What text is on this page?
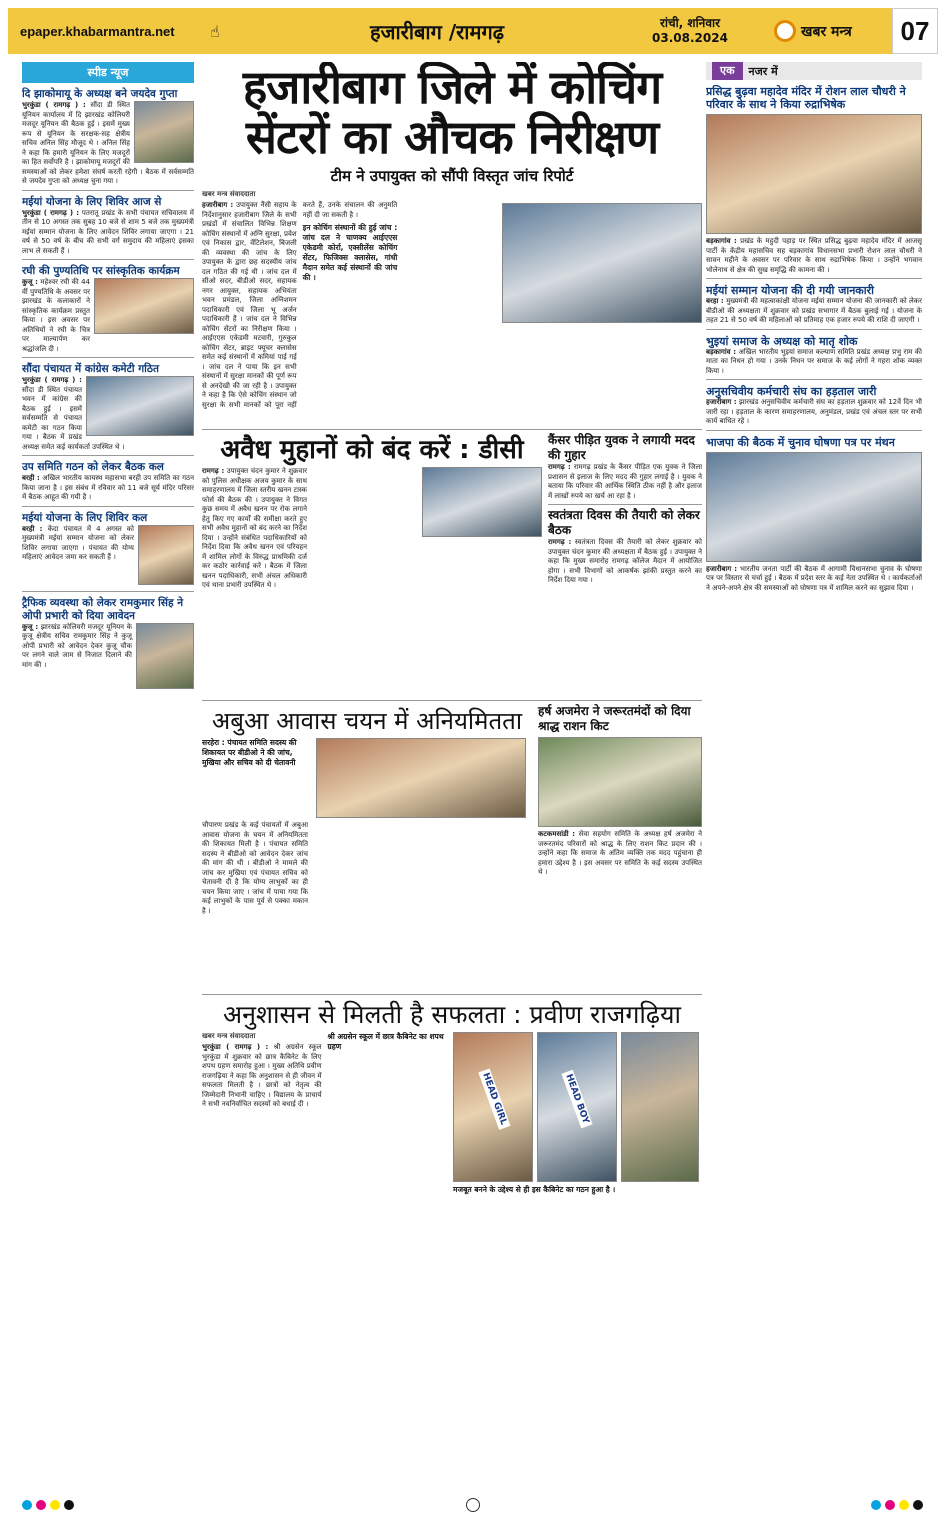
epaper.khabarmantra.net	☝	हजारीबाग /रामगढ़	रांची, शनिवार
03.08.2024	खबर मन्त्र	07
स्पीड न्यूज
दि झाकोमायू के अध्यक्ष बने जयदेव गुप्ता
भुरकुंडा ( रामगढ़ ) : सौंदा डी स्थित यूनियन कार्यालय में दि झारखंड कोलियरी मजदूर यूनियन की बैठक हुई । इसमें मुख्य रूप से यूनियन के सरक्षक-सह क्षेत्रीय सचिव अनिल सिंह मौजूद थे । अनिल सिंह ने कहा कि हमारी यूनियन के लिए मजदूरों का हित सर्वोपरि है । झाकोमायू मजदूरों की समस्याओं को लेकर हमेशा संघर्ष करती रहेगी । बैठक में सर्वसम्मति से जयदेव गुप्ता को अध्यक्ष चुना गया ।
मईयां योजना के लिए शिविर आज से
भुरकुंडा ( रामगढ़ ) : पतरातू प्रखंड के सभी पंचायत सचिवालय में तीन से 10 अगस्त तक सुबह 10 बजे से शाम 5 बजे तक मुख्यमंत्री मईयां सम्मान योजना के लिए आवेदन शिविर लगाया जाएगा । 21 वर्ष से 50 वर्ष के बीच की सभी वर्ग समुदाय की महिलाएं इसका लाभ ले सकती हैं ।
रघी की पुण्यतिथि पर सांस्कृतिक कार्यक्रम
कुजू : महेश्वर रघी की 44 वीं पुण्यतिथि के अवसर पर झारखंड के कलाकारों ने सांस्कृतिक कार्यक्रम प्रस्तुत किया । इस अवसर पर अतिथियों ने रघी के चित्र पर माल्यार्पण कर श्रद्धांजलि दी ।
सौंदा पंचायत में कांग्रेस कमेटी गठित
भुरकुंडा ( रामगढ़ ) : सौंदा डी स्थित पंचायत भवन में कांग्रेस की बैठक हुई । इसमें सर्वसम्मति से पंचायत कमेटी का गठन किया गया । बैठक में प्रखंड अध्यक्ष समेत कई कार्यकर्ता उपस्थित थे ।
उप समिति गठन को लेकर बैठक कल
बरही : अखिल भारतीय कायस्थ महासभा बरही उप समिति का गठन किया जाना है । इस संबंध में रविवार को 11 बजे सूर्य मंदिर परिसर में बैठक आहूत की गयी है ।
मईयां योजना के लिए शिविर कल
बरही : केंदा पंचायत में 4 अगस्त को मुख्यमंत्री मईयां सम्मान योजना को लेकर शिविर लगाया जाएगा । पंचायत की योग्य महिलाएं आवेदन जमा कर सकती हैं ।
ट्रैफिक व्यवस्था को लेकर रामकुमार सिंह ने ओपी प्रभारी को दिया आवेदन
कुजू : झारखंड कोलियरी मजदूर यूनियन के कुजू क्षेत्रीय सचिव रामकुमार सिंह ने कुजू ओपी प्रभारी को आवेदन देकर कुजू चौक पर लगने वाले जाम से निजात दिलाने की मांग की ।
हजारीबाग जिले में कोचिंग सेंटरों का औचक निरीक्षण
टीम ने उपायुक्त को सौंपी विस्तृत जांच रिपोर्ट
खबर मन्त्र संवाददाता
हजारीबाग : उपायुक्त नैंसी सहाय के निर्देशानुसार हजारीबाग जिले के सभी प्रखंडों में संचालित विभिन्न शिक्षण कोचिंग संस्थानों में अग्नि सुरक्षा, प्रवेश एवं निकास द्वार, वेंटिलेशन, बिजली की व्यवस्था की जांच के लिए उपायुक्त के द्वारा छह सदस्यीय जांच दल गठित की गई थी । जांच दल में सीओ सदर, बीडीओ सदर, सहायक नगर आयुक्त, सहायक अभियंता भवन प्रमंडल, जिला अग्निशमन पदाधिकारी एवं जिला भू अर्जन पदाधिकारी हैं । जांच दल ने विभिन्न कोचिंग सेंटरों का निरीक्षण किया । आईएएस एकेडमी मटवारी, गुरुकुल कोचिंग सेंटर, ब्राइट फ्यूचर क्लासेस समेत कई संस्थानों में कमियां पाई गई । जांच दल ने पाया कि इन सभी संस्थानों में सुरक्षा मानकों की पूर्ण रूप से अनदेखी की जा रही है । उपायुक्त ने कहा है कि ऐसे कोचिंग संस्थान जो सुरक्षा के सभी मानकों को पूरा नहीं करते हैं, उनके संचालन की अनुमति नहीं दी जा सकती है ।
इन कोचिंग संस्थानों की हुई जांच : जांच दल ने चाणक्य आईएएस एकेडमी कोर्रा, एक्सीलेंस कोचिंग सेंटर, फिजिक्स क्लासेस, गांधी मैदान समेत कई संस्थानों की जांच की ।
अवैध मुहानों को बंद करें : डीसी
रामगढ़ : उपायुक्त चंदन कुमार ने शुक्रवार को पुलिस अधीक्षक अजय कुमार के साथ समाहरणालय में जिला स्तरीय खनन टास्क फोर्स की बैठक की । उपायुक्त ने विगत कुछ समय में अवैध खनन पर रोक लगाने हेतु किए गए कार्यों की समीक्षा करते हुए सभी अवैध मुहानों को बंद करने का निर्देश दिया । उन्होंने संबंधित पदाधिकारियों को निर्देश दिया कि अवैध खनन एवं परिवहन में शामिल लोगों के विरुद्ध प्राथमिकी दर्ज कर कठोर कार्रवाई करें । बैठक में जिला खनन पदाधिकारी, सभी अंचल अधिकारी एवं थाना प्रभारी उपस्थित थे ।
कैंसर पीड़ित युवक ने लगायी मदद की गुहार
रामगढ़ : रामगढ़ प्रखंड के कैंसर पीड़ित एक युवक ने जिला प्रशासन से इलाज के लिए मदद की गुहार लगाई है । युवक ने बताया कि परिवार की आर्थिक स्थिति ठीक नहीं है और इलाज में लाखों रुपये का खर्च आ रहा है ।
स्वतंत्रता दिवस की तैयारी को लेकर बैठक
रामगढ़ : स्वतंत्रता दिवस की तैयारी को लेकर शुक्रवार को उपायुक्त चंदन कुमार की अध्यक्षता में बैठक हुई । उपायुक्त ने कहा कि मुख्य समारोह रामगढ़ कॉलेज मैदान में आयोजित होगा । सभी विभागों को आकर्षक झांकी प्रस्तुत करने का निर्देश दिया गया ।
अबुआ आवास चयन में अनियमितता
सरहेरा : पंचायत समिति सदस्य की शिकायत पर बीडीओ ने की जांच, मुखिया और सचिव को दी चेतावनी
चौपारण प्रखंड के कई पंचायतों में अबुआ आवास योजना के चयन में अनियमितता की शिकायत मिली है । पंचायत समिति सदस्य ने बीडीओ को आवेदन देकर जांच की मांग की थी । बीडीओ ने मामले की जांच कर मुखिया एवं पंचायत सचिव को चेतावनी दी है कि योग्य लाभुकों का ही चयन किया जाए । जांच में पाया गया कि कई लाभुकों के पास पूर्व से पक्का मकान है ।
हर्ष अजमेरा ने जरूरतमंदों को दिया श्राद्ध राशन किट
कटकमसांडी : सेवा सहयोग समिति के अध्यक्ष हर्ष अजमेरा ने जरूरतमंद परिवारों को श्राद्ध के लिए राशन किट प्रदान की । उन्होंने कहा कि समाज के अंतिम व्यक्ति तक मदद पहुंचाना ही हमारा उद्देश्य है । इस अवसर पर समिति के कई सदस्य उपस्थित थे ।
अनुशासन से मिलती है सफलता : प्रवीण राजगढ़िया
खबर मन्त्र संवाददाता
भुरकुंडा ( रामगढ़ ) : श्री अग्रसेन स्कूल भुरकुंडा में शुक्रवार को छात्र कैबिनेट के लिए शपथ ग्रहण समारोह हुआ । मुख्य अतिथि प्रवीण राजगढ़िया ने कहा कि अनुशासन से ही जीवन में सफलता मिलती है । छात्रों को नेतृत्व की जिम्मेदारी निभानी चाहिए । विद्यालय के प्राचार्य ने सभी नवनिर्वाचित सदस्यों को बधाई दी ।
श्री अग्रसेन स्कूल में छात्र कैबिनेट का शपथ ग्रहण
HEAD GIRL	HEAD BOY
मजबूत बनने के उद्देश्य से ही इस कैबिनेट का गठन हुआ है ।
एक	नजर में
प्रसिद्ध बुढ़वा महादेव मंदिर में रोशन लाल चौधरी ने परिवार के साथ ने किया रुद्राभिषेक
बड़कागांव : प्रखंड के महुदी पहाड़ पर स्थित प्रसिद्ध बुढ़वा महादेव मंदिर में आजसू पार्टी के केंद्रीय महासचिव सह बड़कागांव विधानसभा प्रभारी रोशन लाल चौधरी ने सावन महीने के अवसर पर परिवार के साथ रुद्राभिषेक किया । उन्होंने भगवान भोलेनाथ से क्षेत्र की सुख समृद्धि की कामना की ।
मईयां सम्मान योजना की दी गयी जानकारी
बरहा : मुख्यमंत्री की महत्वाकांक्षी योजना मईयां सम्मान योजना की जानकारी को लेकर बीडीओ की अध्यक्षता में शुक्रवार को प्रखंड सभागार में बैठक बुलाई गई । योजना के तहत 21 से 50 वर्ष की महिलाओं को प्रतिमाह एक हजार रुपये की राशि दी जाएगी ।
भुइयां समाज के अध्यक्ष को मातृ शोक
बड़कागांव : अखिल भारतीय भुइयां समाज कल्याण समिति प्रखंड अध्यक्ष प्रभु राम की माता का निधन हो गया । उनके निधन पर समाज के कई लोगों ने गहरा शोक व्यक्त किया ।
अनुसचिवीय कर्मचारी संघ का हड़ताल जारी
हजारीबाग : झारखंड अनुसचिवीय कर्मचारी संघ का हड़ताल शुक्रवार को 12वें दिन भी जारी रहा । हड़ताल के कारण समाहरणालय, अनुमंडल, प्रखंड एवं अंचल स्तर पर सभी कार्य बाधित रहे ।
भाजपा की बैठक में चुनाव घोषणा पत्र पर मंथन
हजारीबाग : भारतीय जनता पार्टी की बैठक में आगामी विधानसभा चुनाव के घोषणा पत्र पर विस्तार से चर्चा हुई । बैठक में प्रदेश स्तर के कई नेता उपस्थित थे । कार्यकर्ताओं ने अपने-अपने क्षेत्र की समस्याओं को घोषणा पत्र में शामिल करने का सुझाव दिया ।
